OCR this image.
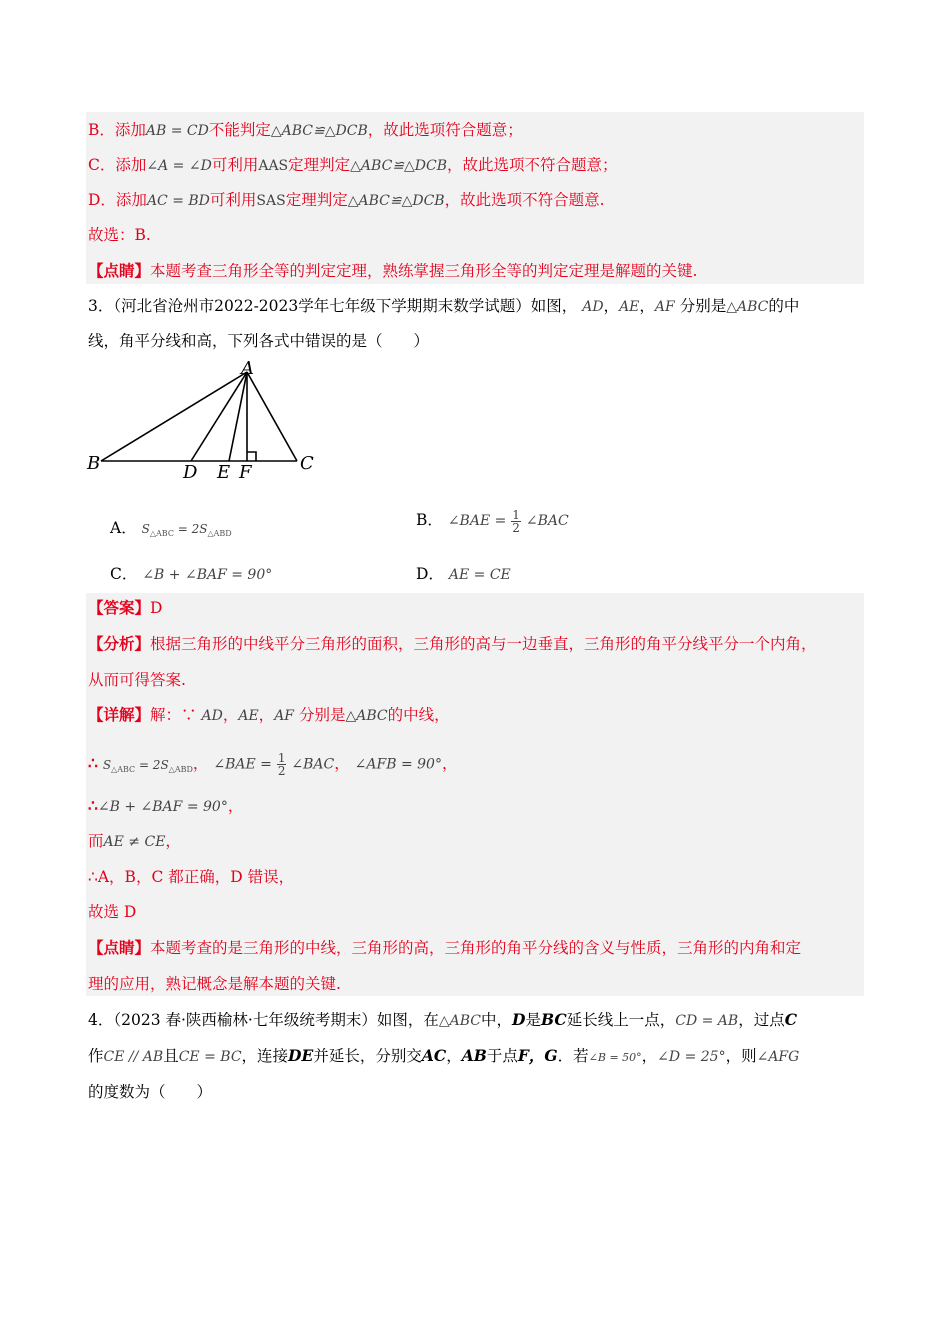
B．添加AB = CD不能判定△ABC≌△DCB，故此选项符合题意；
C．添加∠A = ∠D可利用AAS定理判定△ABC≌△DCB，故此选项不符合题意；
D．添加AC = BD可利用SAS定理判定△ABC≌△DCB，故此选项不符合题意.
故选：B.
【点睛】本题考查三角形全等的判定定理，熟练掌握三角形全等的判定定理是解题的关键.
3．（河北省沧州市2022-2023学年七年级下学期期末数学试题）如图， AD，AE，AF 分别是△ABC的中
线，角平分线和高，下列各式中错误的是（　　）
A
B	C
D E F
A． $S_{\triangle ABC} = 2S_{\triangle ABD}$
B． ∠BAE = $\frac{1}{2}$ ∠BAC
C． ∠B + ∠BAF = 90°	D． AE = CE
【答案】D
【分析】根据三角形的中线平分三角形的面积，三角形的高与一边垂直，三角形的角平分线平分一个内角，
从而可得答案.
【详解】解：∵ AD，AE，AF 分别是△ABC的中线，
∴ $S_{\triangle ABC} = 2S_{\triangle ABD}$， ∠BAE = $\frac{1}{2}$ ∠BAC， ∠AFB = 90°，
∴∠B + ∠BAF = 90°，
而AE ≠ CE，
∴A，B，C 都正确，D 错误，
故选 D
【点睛】本题考查的是三角形的中线，三角形的高，三角形的角平分线的含义与性质，三角形的内角和定
理的应用，熟记概念是解本题的关键.
4．（2023 春·陕西榆林·七年级统考期末）如图，在△ABC中，D是BC延长线上一点，CD = AB，过点C
作CE // AB且CE = BC，连接DE并延长，分别交AC，AB于点F，G．若∠B = 50°，∠D = 25°，则∠AFG
的度数为（　　）
